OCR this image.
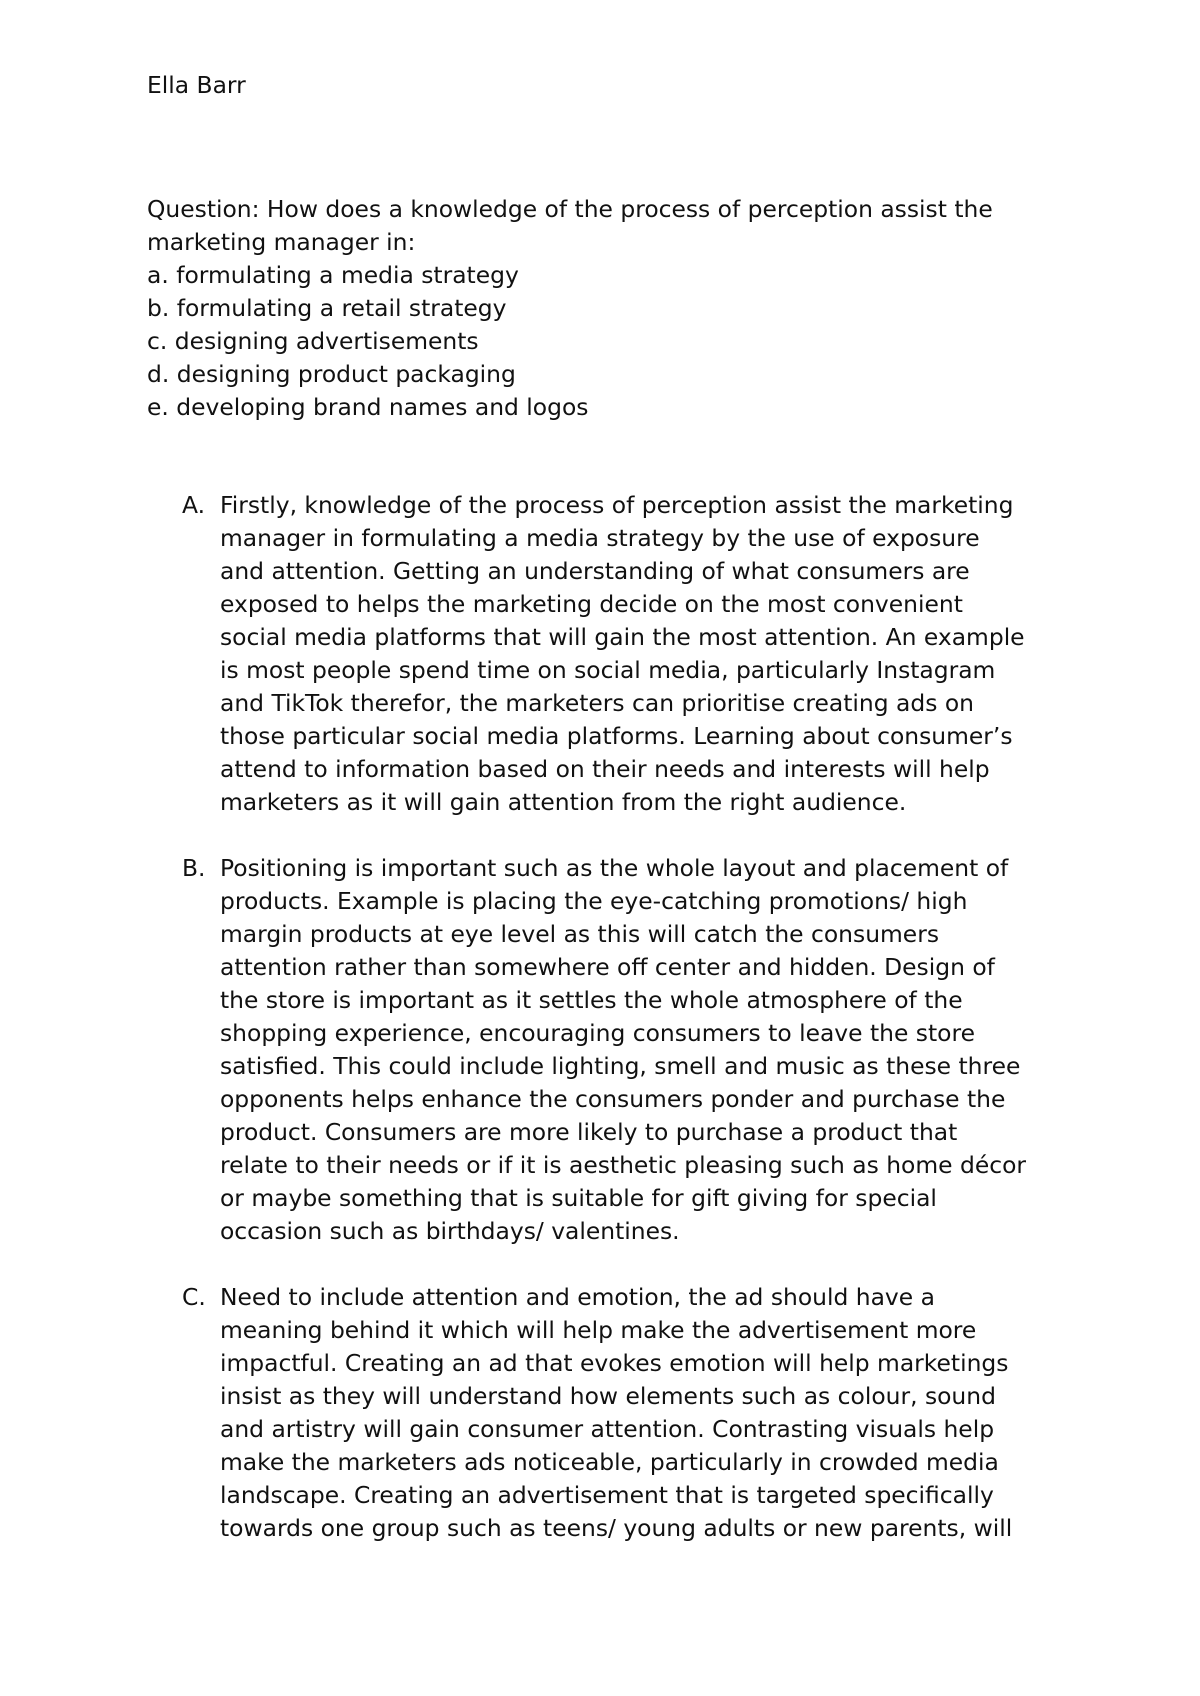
Ella Barr

Question: How does a knowledge of the process of perception assist the

marketing manager in:

a. formulating a media strategy

b. formulating a retail strategy

c. designing advertisements

d. designing product packaging

e. developing brand names and logos

A. Firstly, knowledge of the process of perception assist the marketing
manager in formulating a media strategy by the use of exposure
and attention. Getting an understanding of what consumers are
exposed to helps the marketing decide on the most convenient
social media platforms that will gain the most attention. An example
is most people spend time on social media, particularly Instagram
and TikTok therefor, the marketers can prioritise creating ads on
those particular social media platforms. Learning about consumer’s
attend to information based on their needs and interests will help
marketers as it will gain attention from the right audience.
B. Positioning is important such as the whole layout and placement of
products. Example is placing the eye-catching promotions/ high
margin products at eye level as this will catch the consumers
attention rather than somewhere off center and hidden. Design of
the store is important as it settles the whole atmosphere of the
shopping experience, encouraging consumers to leave the store
satisfied. This could include lighting, smell and music as these three
opponents helps enhance the consumers ponder and purchase the
product. Consumers are more likely to purchase a product that
relate to their needs or if it is aesthetic pleasing such as home décor
or maybe something that is suitable for gift giving for special
occasion such as birthdays/ valentines.
C. Need to include attention and emotion, the ad should have a
meaning behind it which will help make the advertisement more
impactful. Creating an ad that evokes emotion will help marketings
insist as they will understand how elements such as colour, sound
and artistry will gain consumer attention. Contrasting visuals help
make the marketers ads noticeable, particularly in crowded media
landscape. Creating an advertisement that is targeted specifically
towards one group such as teens/ young adults or new parents, will
